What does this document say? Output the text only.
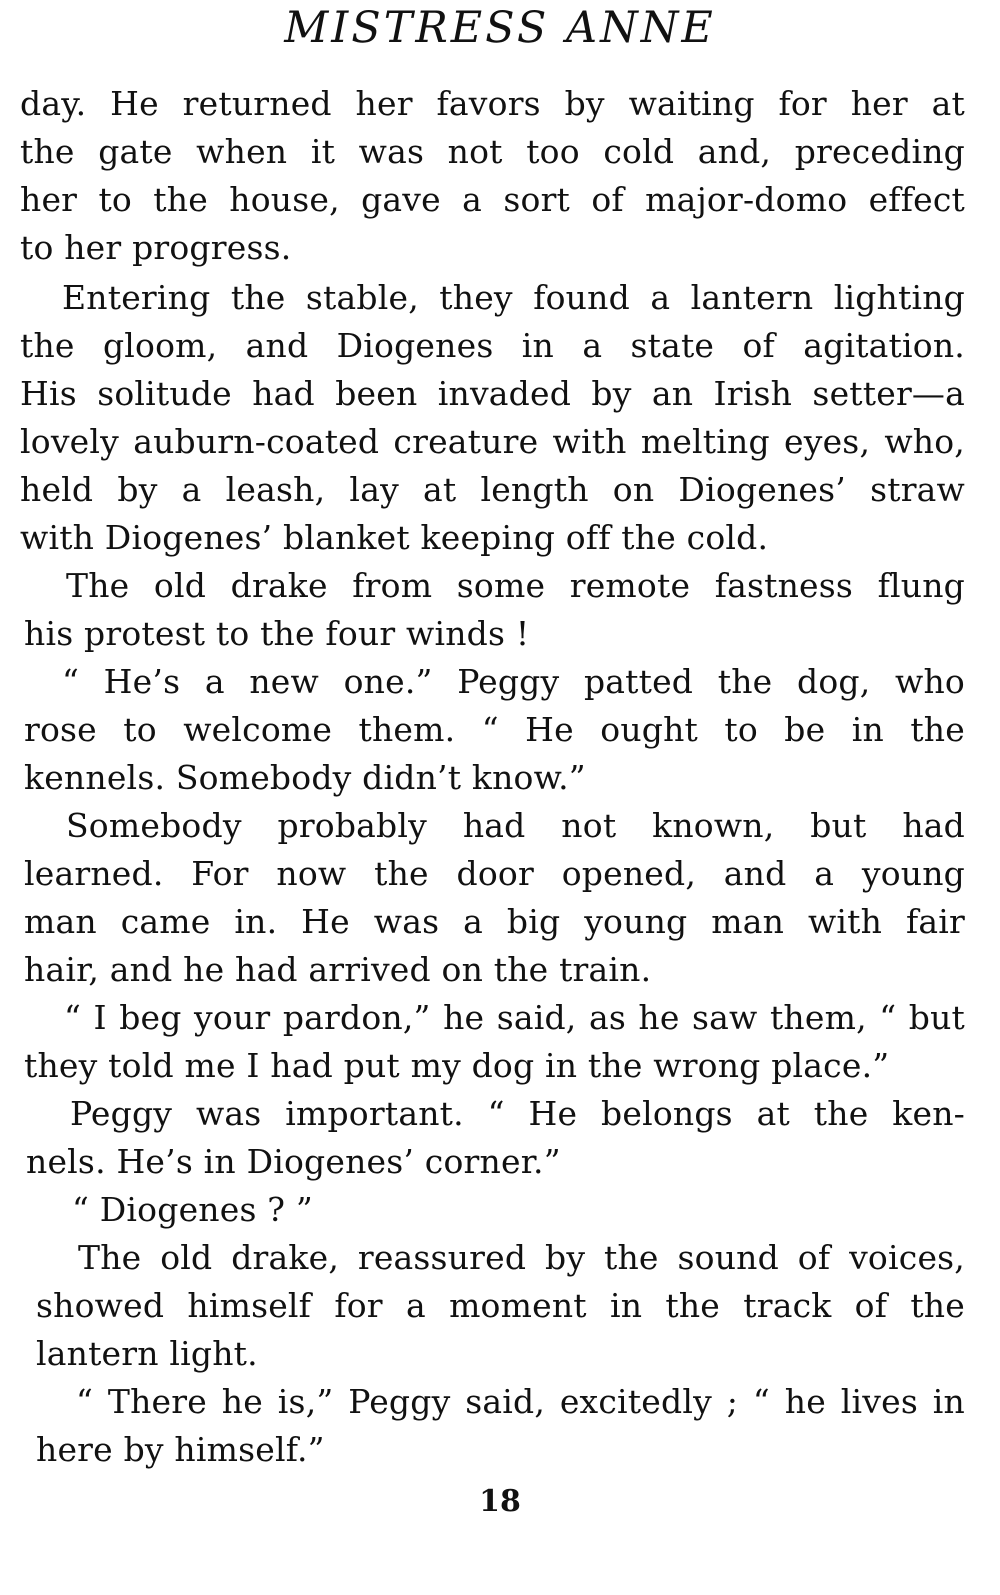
MISTRESS ANNE
day. He returned her favors by waiting for her at
the gate when it was not too cold and, preceding
her to the house, gave a sort of major-domo effect
to her progress.
Entering the stable, they found a lantern lighting
the gloom, and Diogenes in a state of agitation.
His solitude had been invaded by an Irish setter—a
lovely auburn-coated creature with melting eyes, who,
held by a leash, lay at length on Diogenes’ straw
with Diogenes’ blanket keeping off the cold.
The old drake from some remote fastness flung
his protest to the four winds !
“ He’s a new one.” Peggy patted the dog, who
rose to welcome them. “ He ought to be in the
kennels. Somebody didn’t know.”
Somebody probably had not known, but had
learned. For now the door opened, and a young
man came in. He was a big young man with fair
hair, and he had arrived on the train.
“ I beg your pardon,” he said, as he saw them, “ but
they told me I had put my dog in the wrong place.”
Peggy was important. “ He belongs at the ken-
nels. He’s in Diogenes’ corner.”
“ Diogenes ? ”
The old drake, reassured by the sound of voices,
showed himself for a moment in the track of the
lantern light.
“ There he is,” Peggy said, excitedly ; “ he lives in
here by himself.”
18
